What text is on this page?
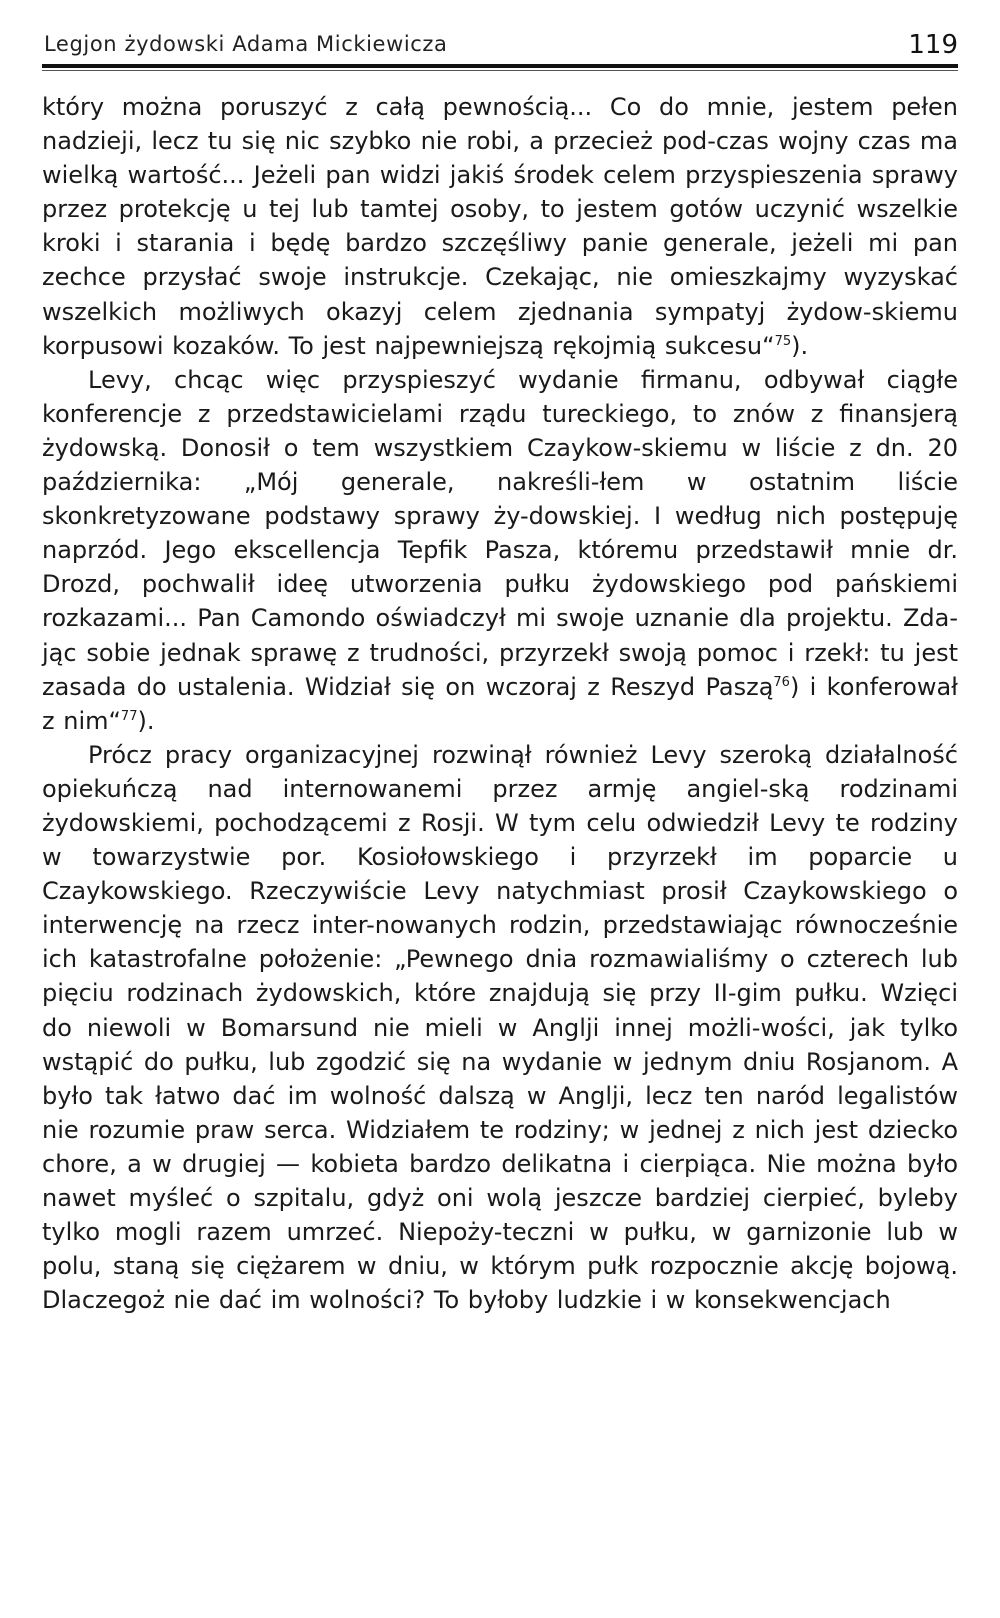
Legjon żydowski Adama Mickiewicza	119

który można poruszyć z całą pewnością... Co do mnie, jestem pełen nadzieji, lecz tu się nic szybko nie robi, a przecież pod-czas wojny czas ma wielką wartość... Jeżeli pan widzi jakiś środek celem przyspieszenia sprawy przez protekcję u tej lub tamtej osoby, to jestem gotów uczynić wszelkie kroki i starania i będę bardzo szczęśliwy panie generale, jeżeli mi pan zechce przysłać swoje instrukcje. Czekając, nie omieszkajmy wyzyskać wszelkich możliwych okazyj celem zjednania sympatyj żydow-skiemu korpusowi kozaków. To jest najpewniejszą rękojmią sukcesu“$^{75}$).

Levy, chcąc więc przyspieszyć wydanie firmanu, odbywał ciągłe konferencje z przedstawicielami rządu tureckiego, to znów z finansjerą żydowską. Donosił o tem wszystkiem Czaykow-skiemu w liście z dn. 20 października: „Mój generale, nakreśli-łem w ostatnim liście skonkretyzowane podstawy sprawy ży-dowskiej. I według nich postępuję naprzód. Jego ekscellencja Tepfik Pasza, któremu przedstawił mnie dr. Drozd, pochwalił ideę utworzenia pułku żydowskiego pod pańskiemi rozkazami... Pan Camondo oświadczył mi swoje uznanie dla projektu. Zda-jąc sobie jednak sprawę z trudności, przyrzekł swoją pomoc i rzekł: tu jest zasada do ustalenia. Widział się on wczoraj z Reszyd Paszą$^{76}$) i konferował z nim“$^{77}$).

Prócz pracy organizacyjnej rozwinął również Levy szeroką działalność opiekuńczą nad internowanemi przez armję angiel-ską rodzinami żydowskiemi, pochodzącemi z Rosji. W tym celu odwiedził Levy te rodziny w towarzystwie por. Kosiołowskiego i przyrzekł im poparcie u Czaykowskiego. Rzeczywiście Levy natychmiast prosił Czaykowskiego o interwencję na rzecz inter-nowanych rodzin, przedstawiając równocześnie ich katastrofalne położenie: „Pewnego dnia rozmawialiśmy o czterech lub pięciu rodzinach żydowskich, które znajdują się przy II-gim pułku. Wzięci do niewoli w Bomarsund nie mieli w Anglji innej możli-wości, jak tylko wstąpić do pułku, lub zgodzić się na wydanie w jednym dniu Rosjanom. A było tak łatwo dać im wolność dalszą w Anglji, lecz ten naród legalistów nie rozumie praw serca. Widziałem te rodziny; w jednej z nich jest dziecko chore, a w drugiej — kobieta bardzo delikatna i cierpiąca. Nie można było nawet myśleć o szpitalu, gdyż oni wolą jeszcze bardziej cierpieć, byleby tylko mogli razem umrzeć. Niepoży-teczni w pułku, w garnizonie lub w polu, staną się ciężarem w dniu, w którym pułk rozpocznie akcję bojową. Dlaczegoż nie dać im wolności? To byłoby ludzkie i w konsekwencjach
